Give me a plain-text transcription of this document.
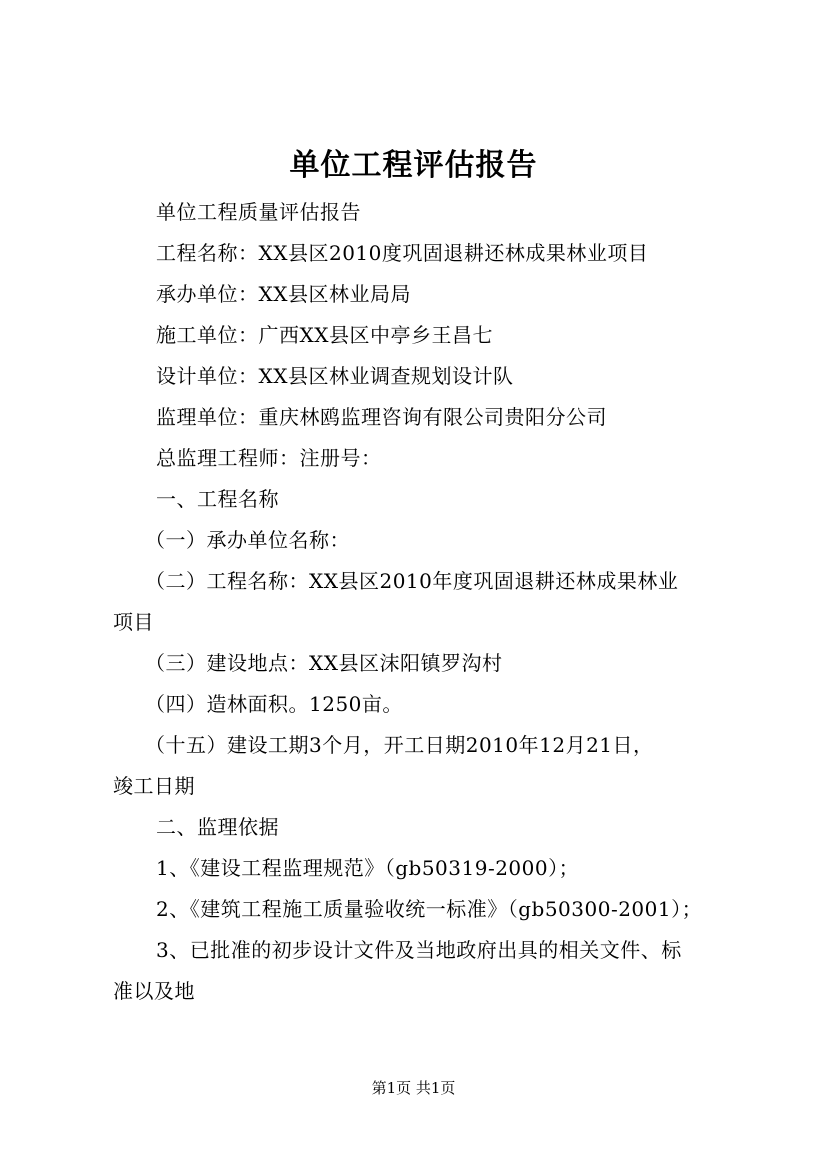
单位工程评估报告

单位工程质量评估报告

工程名称：XX县区2010度巩固退耕还林成果林业项目

承办单位：XX县区林业局局

施工单位：广西XX县区中亭乡王昌七

设计单位：XX县区林业调查规划设计队

监理单位：重庆林鸥监理咨询有限公司贵阳分公司

总监理工程师：注册号：

一、工程名称

（一）承办单位名称：

（二）工程名称：XX县区2010年度巩固退耕还林成果林业

项目

（三）建设地点：XX县区沫阳镇罗沟村

（四）造林面积。1250亩。

（十五）建设工期3个月，开工日期2010年12月21日，

竣工日期

二、监理依据

1、《建设工程监理规范》（gb50319-2000）；

2、《建筑工程施工质量验收统一标准》（gb50300-2001）；

3、已批准的初步设计文件及当地政府出具的相关文件、标

准以及地

第1页 共1页
